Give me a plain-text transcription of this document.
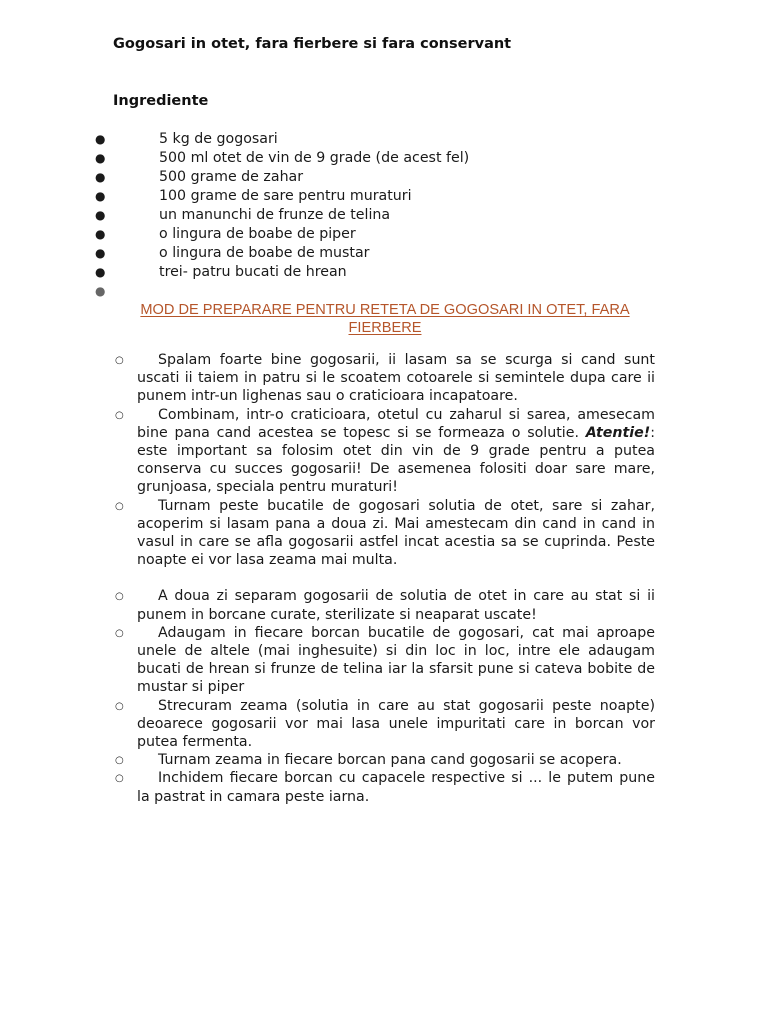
Gogosari in otet, fara fierbere si fara conservant
Ingrediente
●	5 kg de gogosari
●	500 ml otet de vin de 9 grade (de acest fel)
●	500 grame de zahar
●	100 grame de sare pentru muraturi
●	un manunchi de frunze de telina
●	o lingura de boabe de piper
●	o lingura de boabe de mustar
●	trei- patru bucati de hrean
●
MOD DE PREPARARE PENTRU RETETA DE GOGOSARI IN OTET, FARA FIERBERE
○	Spalam foarte bine gogosarii, ii lasam sa se scurga si cand sunt uscati ii taiem in patru si le scoatem cotoarele si semintele dupa care ii punem intr-un lighenas sau o craticioara incapatoare.
○	Combinam, intr-o craticioara, otetul cu zaharul si sarea, amesecam bine pana cand acestea se topesc si se formeaza o solutie. Atentie!: este important sa folosim otet din vin de 9 grade pentru a putea conserva cu succes gogosarii! De asemenea folositi doar sare mare, grunjoasa, speciala pentru muraturi!
○	Turnam peste bucatile de gogosari solutia de otet, sare si zahar, acoperim si lasam pana a doua zi. Mai amestecam din cand in cand in vasul in care se afla gogosarii astfel incat acestia sa se cuprinda. Peste noapte ei vor lasa zeama mai multa.
○	A doua zi separam gogosarii de solutia de otet in care au stat si ii punem in borcane curate, sterilizate si neaparat uscate!
○	Adaugam in fiecare borcan bucatile de gogosari, cat mai aproape unele de altele (mai inghesuite) si din loc in loc, intre ele adaugam bucati de hrean si frunze de telina iar la sfarsit pune si cateva bobite de mustar si piper
○	Strecuram zeama (solutia in care au stat gogosarii peste noapte) deoarece gogosarii vor mai lasa unele impuritati care in borcan vor putea fermenta.
○	Turnam zeama in fiecare borcan pana cand gogosarii se acopera.
○	Inchidem fiecare borcan cu capacele respective si ... le putem pune la pastrat in camara peste iarna.
